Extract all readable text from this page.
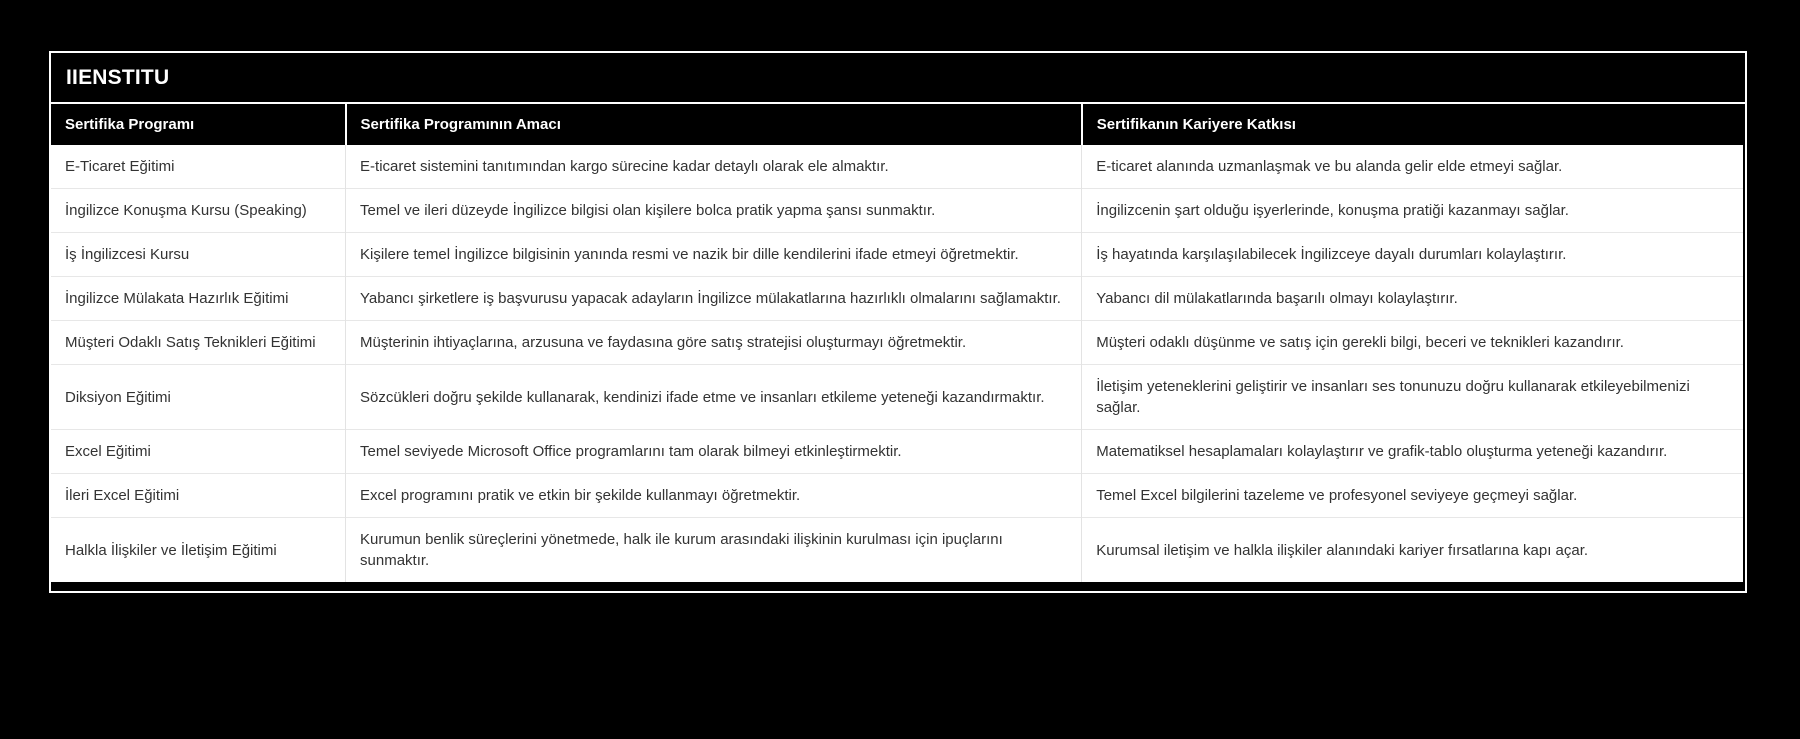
IIENSTITU
Sertifika Programı	Sertifika Programının Amacı	Sertifikanın Kariyere Katkısı
E-Ticaret Eğitimi	E-ticaret sistemini tanıtımından kargo sürecine kadar detaylı olarak ele almaktır.	E-ticaret alanında uzmanlaşmak ve bu alanda gelir elde etmeyi sağlar.
İngilizce Konuşma Kursu (Speaking)	Temel ve ileri düzeyde İngilizce bilgisi olan kişilere bolca pratik yapma şansı sunmaktır.	İngilizcenin şart olduğu işyerlerinde, konuşma pratiği kazanmayı sağlar.
İş İngilizcesi Kursu	Kişilere temel İngilizce bilgisinin yanında resmi ve nazik bir dille kendilerini ifade etmeyi öğretmektir.	İş hayatında karşılaşılabilecek İngilizceye dayalı durumları kolaylaştırır.
İngilizce Mülakata Hazırlık Eğitimi	Yabancı şirketlere iş başvurusu yapacak adayların İngilizce mülakatlarına hazırlıklı olmalarını sağlamaktır.	Yabancı dil mülakatlarında başarılı olmayı kolaylaştırır.
Müşteri Odaklı Satış Teknikleri Eğitimi	Müşterinin ihtiyaçlarına, arzusuna ve faydasına göre satış stratejisi oluşturmayı öğretmektir.	Müşteri odaklı düşünme ve satış için gerekli bilgi, beceri ve teknikleri kazandırır.
Diksiyon Eğitimi	Sözcükleri doğru şekilde kullanarak, kendinizi ifade etme ve insanları etkileme yeteneği kazandırmaktır.	İletişim yeteneklerini geliştirir ve insanları ses tonunuzu doğru kullanarak etkileyebilmenizi sağlar.
Excel Eğitimi	Temel seviyede Microsoft Office programlarını tam olarak bilmeyi etkinleştirmektir.	Matematiksel hesaplamaları kolaylaştırır ve grafik-tablo oluşturma yeteneği kazandırır.
İleri Excel Eğitimi	Excel programını pratik ve etkin bir şekilde kullanmayı öğretmektir.	Temel Excel bilgilerini tazeleme ve profesyonel seviyeye geçmeyi sağlar.
Halkla İlişkiler ve İletişim Eğitimi	Kurumun benlik süreçlerini yönetmede, halk ile kurum arasındaki ilişkinin kurulması için ipuçlarını sunmaktır.	Kurumsal iletişim ve halkla ilişkiler alanındaki kariyer fırsatlarına kapı açar.
